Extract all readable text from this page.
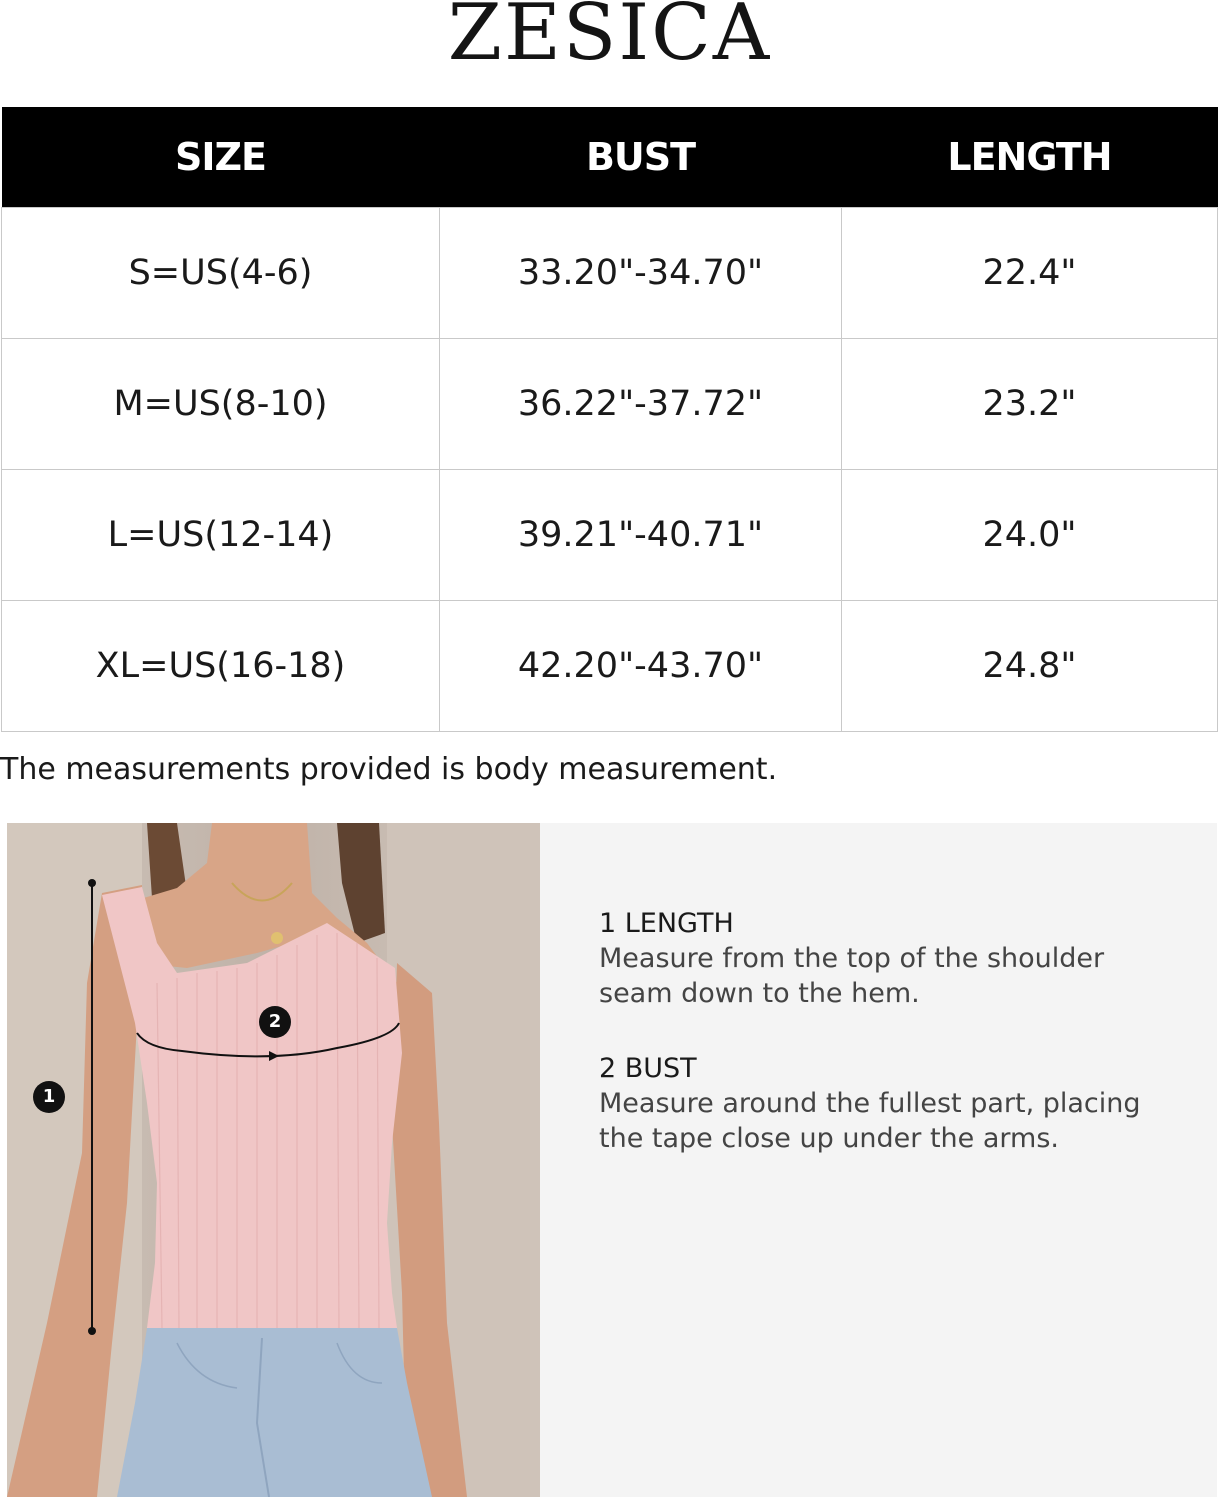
ZESICA
SIZE	BUST	LENGTH
S=US(4-6)	33.20"-34.70"	22.4"
M=US(8-10)	36.22"-37.72"	23.2"
L=US(12-14)	39.21"-40.71"	24.0"
XL=US(16-18)	42.20"-43.70"	24.8"
The measurements provided is body measurement.
1
2
1 LENGTH
Measure from the top of the shoulder
seam down to the hem.
2 BUST
Measure around the fullest part, placing
the tape close up under the arms.
